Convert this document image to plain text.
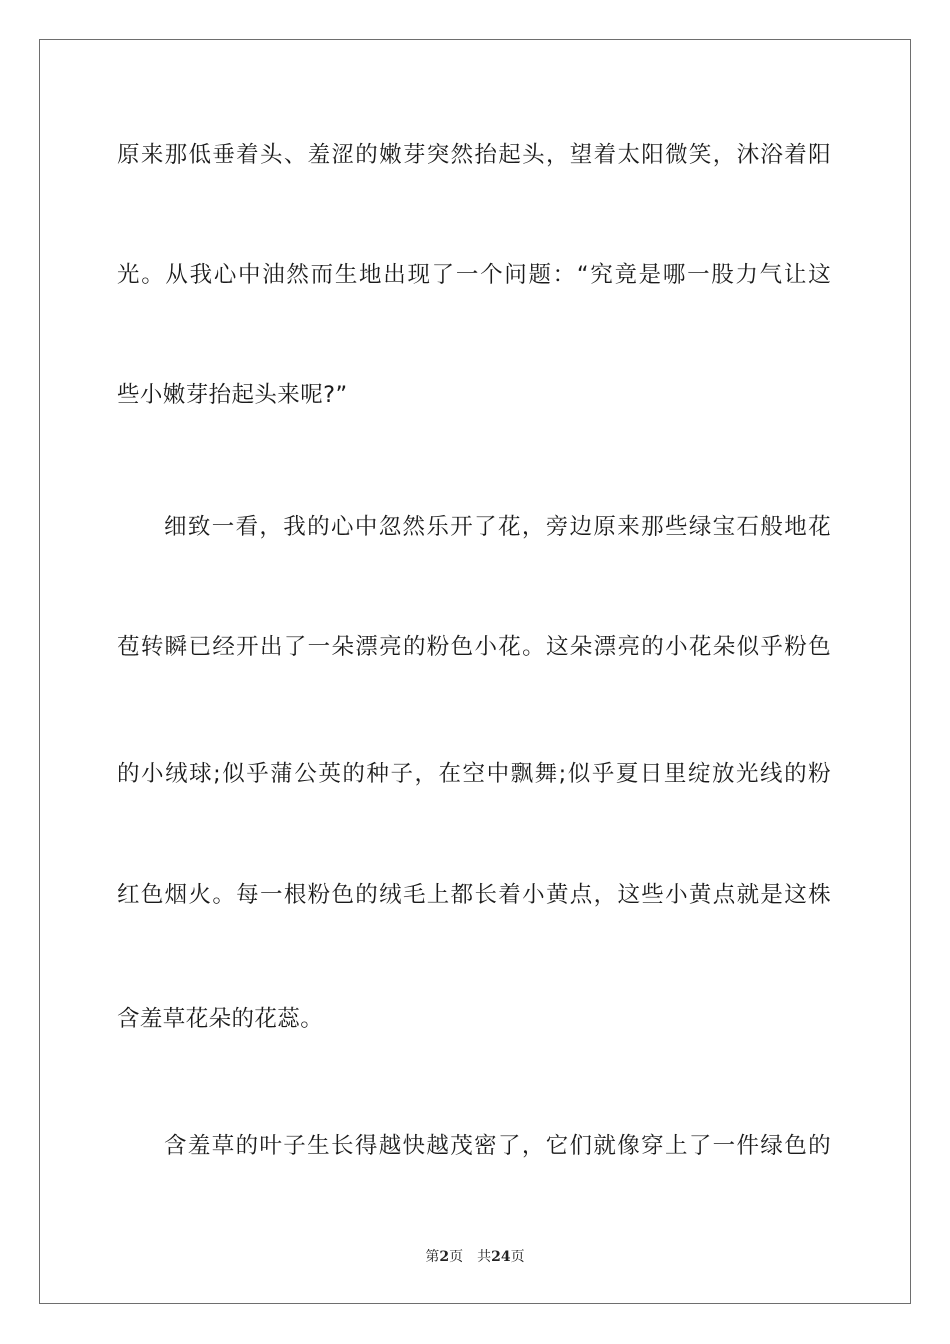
原来那低垂着头、羞涩的嫩芽突然抬起头，望着太阳微笑，沐浴着阳
光。从我心中油然而生地出现了一个问题：“究竟是哪一股力气让这
些小嫩芽抬起头来呢?”
细致一看，我的心中忽然乐开了花，旁边原来那些绿宝石般地花
苞转瞬已经开出了一朵漂亮的粉色小花。这朵漂亮的小花朵似乎粉色
的小绒球;似乎蒲公英的种子，在空中飘舞;似乎夏日里绽放光线的粉
红色烟火。每一根粉色的绒毛上都长着小黄点，这些小黄点就是这株
含羞草花朵的花蕊。
含羞草的叶子生长得越快越茂密了，它们就像穿上了一件绿色的
第2页 共24页
